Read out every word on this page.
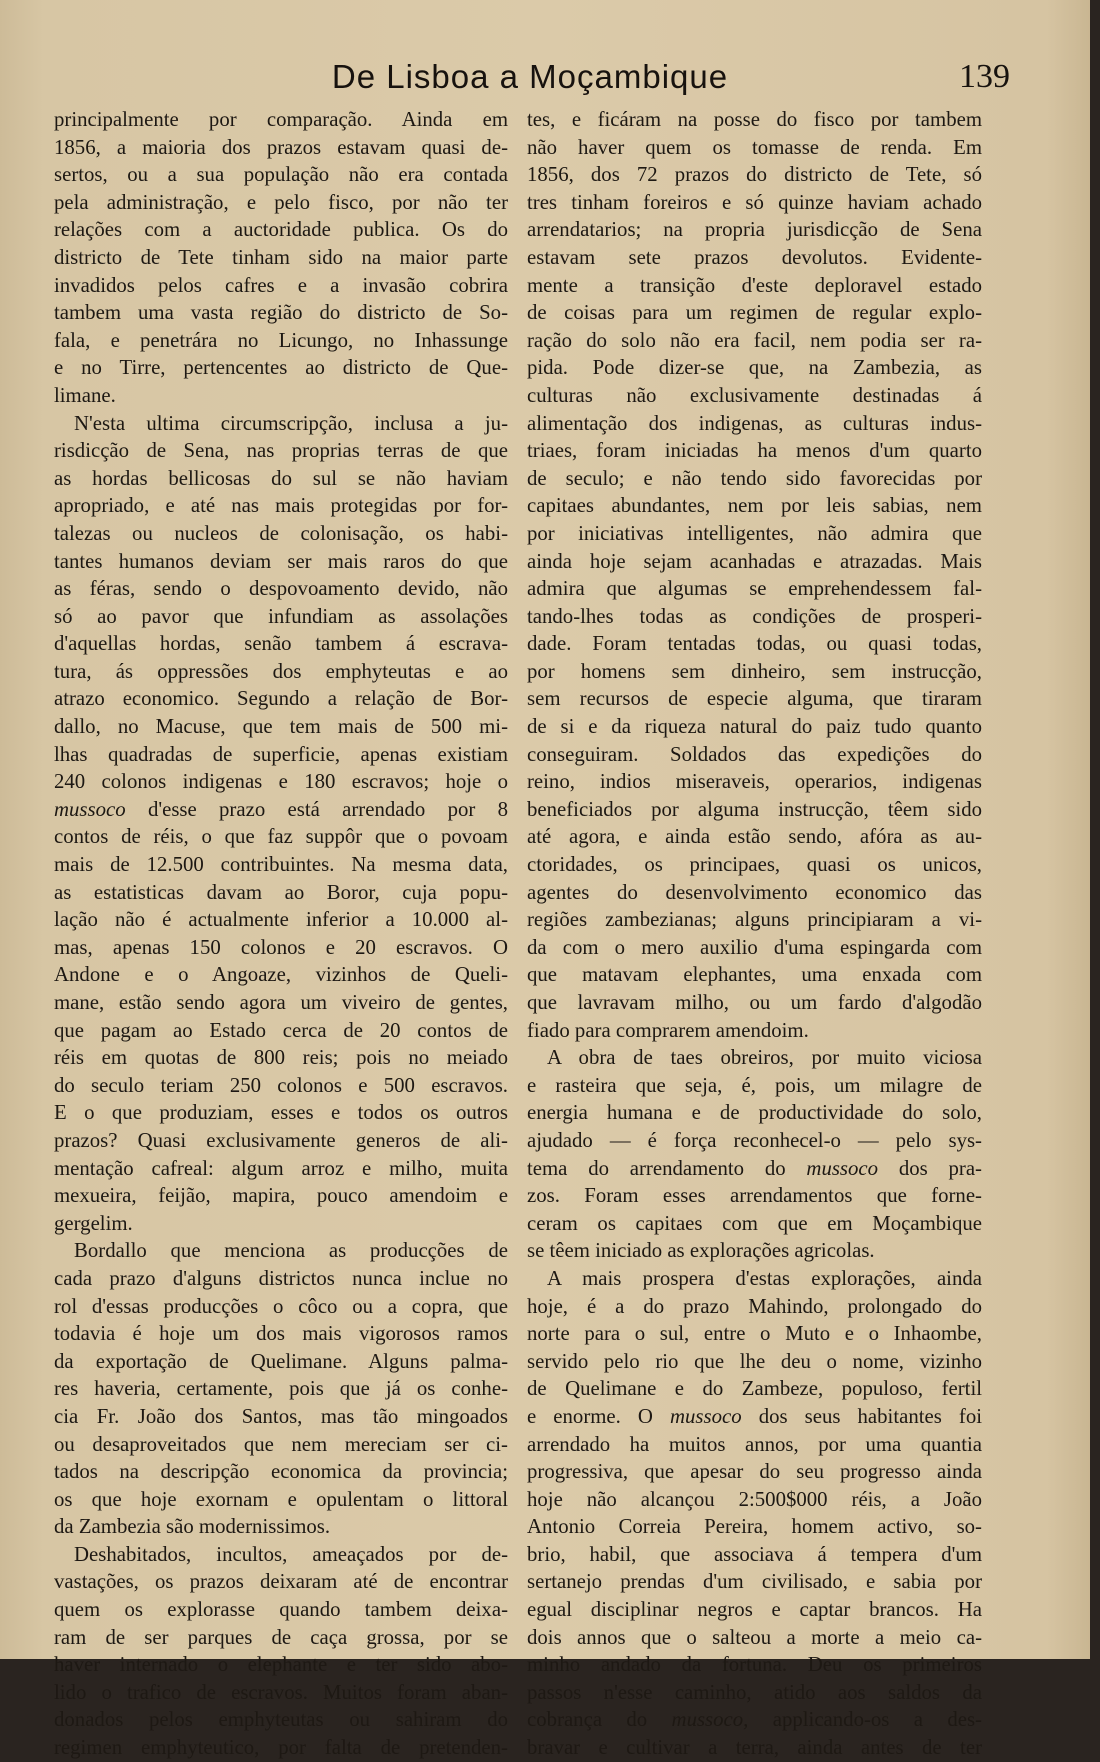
De Lisboa a Moçambique	139
principalmente por comparação. Ainda em
1856, a maioria dos prazos estavam quasi de-
sertos, ou a sua população não era contada
pela administração, e pelo fisco, por não ter
relações com a auctoridade publica. Os do
districto de Tete tinham sido na maior parte
invadidos pelos cafres e a invasão cobrira
tambem uma vasta região do districto de So-
fala, e penetrára no Licungo, no Inhassunge
e no Tirre, pertencentes ao districto de Que-
limane.
N'esta ultima circumscripção, inclusa a ju-
risdicção de Sena, nas proprias terras de que
as hordas bellicosas do sul se não haviam
apropriado, e até nas mais protegidas por for-
talezas ou nucleos de colonisação, os habi-
tantes humanos deviam ser mais raros do que
as féras, sendo o despovoamento devido, não
só ao pavor que infundiam as assolações
d'aquellas hordas, senão tambem á escrava-
tura, ás oppressões dos emphyteutas e ao
atrazo economico. Segundo a relação de Bor-
dallo, no Macuse, que tem mais de 500 mi-
lhas quadradas de superficie, apenas existiam
240 colonos indigenas e 180 escravos; hoje o
mussoco d'esse prazo está arrendado por 8
contos de réis, o que faz suppôr que o povoam
mais de 12.500 contribuintes. Na mesma data,
as estatisticas davam ao Boror, cuja popu-
lação não é actualmente inferior a 10.000 al-
mas, apenas 150 colonos e 20 escravos. O
Andone e o Angoaze, vizinhos de Queli-
mane, estão sendo agora um viveiro de gentes,
que pagam ao Estado cerca de 20 contos de
réis em quotas de 800 reis; pois no meiado
do seculo teriam 250 colonos e 500 escravos.
E o que produziam, esses e todos os outros
prazos? Quasi exclusivamente generos de ali-
mentação cafreal: algum arroz e milho, muita
mexueira, feijão, mapira, pouco amendoim e
gergelim.
Bordallo que menciona as producções de
cada prazo d'alguns districtos nunca inclue no
rol d'essas producções o côco ou a copra, que
todavia é hoje um dos mais vigorosos ramos
da exportação de Quelimane. Alguns palma-
res haveria, certamente, pois que já os conhe-
cia Fr. João dos Santos, mas tão mingoados
ou desaproveitados que nem mereciam ser ci-
tados na descripção economica da provincia;
os que hoje exornam e opulentam o littoral
da Zambezia são modernissimos.
Deshabitados, incultos, ameaçados por de-
vastações, os prazos deixaram até de encontrar
quem os explorasse quando tambem deixa-
ram de ser parques de caça grossa, por se
haver internado o elephante e ter sido abo-
lido o trafico de escravos. Muitos foram aban-
donados pelos emphyteutas ou sahiram do
regimen emphyteutico, por falta de pretenden-
tes, e ficáram na posse do fisco por tambem
não haver quem os tomasse de renda. Em
1856, dos 72 prazos do districto de Tete, só
tres tinham foreiros e só quinze haviam achado
arrendatarios; na propria jurisdicção de Sena
estavam sete prazos devolutos. Evidente-
mente a transição d'este deploravel estado
de coisas para um regimen de regular explo-
ração do solo não era facil, nem podia ser ra-
pida. Pode dizer-se que, na Zambezia, as
culturas não exclusivamente destinadas á
alimentação dos indigenas, as culturas indus-
triaes, foram iniciadas ha menos d'um quarto
de seculo; e não tendo sido favorecidas por
capitaes abundantes, nem por leis sabias, nem
por iniciativas intelligentes, não admira que
ainda hoje sejam acanhadas e atrazadas. Mais
admira que algumas se emprehendessem fal-
tando-lhes todas as condições de prosperi-
dade. Foram tentadas todas, ou quasi todas,
por homens sem dinheiro, sem instrucção,
sem recursos de especie alguma, que tiraram
de si e da riqueza natural do paiz tudo quanto
conseguiram. Soldados das expedições do
reino, indios miseraveis, operarios, indigenas
beneficiados por alguma instrucção, têem sido
até agora, e ainda estão sendo, afóra as au-
ctoridades, os principaes, quasi os unicos,
agentes do desenvolvimento economico das
regiões zambezianas; alguns principiaram a vi-
da com o mero auxilio d'uma espingarda com
que matavam elephantes, uma enxada com
que lavravam milho, ou um fardo d'algodão
fiado para comprarem amendoim.
A obra de taes obreiros, por muito viciosa
e rasteira que seja, é, pois, um milagre de
energia humana e de productividade do solo,
ajudado — é força reconhecel-o — pelo sys-
tema do arrendamento do mussoco dos pra-
zos. Foram esses arrendamentos que forne-
ceram os capitaes com que em Moçambique
se têem iniciado as explorações agricolas.
A mais prospera d'estas explorações, ainda
hoje, é a do prazo Mahindo, prolongado do
norte para o sul, entre o Muto e o Inhaombe,
servido pelo rio que lhe deu o nome, vizinho
de Quelimane e do Zambeze, populoso, fertil
e enorme. O mussoco dos seus habitantes foi
arrendado ha muitos annos, por uma quantia
progressiva, que apesar do seu progresso ainda
hoje não alcançou 2:500$000 réis, a João
Antonio Correia Pereira, homem activo, so-
brio, habil, que associava á tempera d'um
sertanejo prendas d'um civilisado, e sabia por
egual disciplinar negros e captar brancos. Ha
dois annos que o salteou a morte a meio ca-
minho andado da fortuna. Deu os primeiros
passos n'esse caminho, atido aos saldos da
cobrança do mussoco, applicando-os a des-
bravar e cultivar a terra, ainda antes de ter
